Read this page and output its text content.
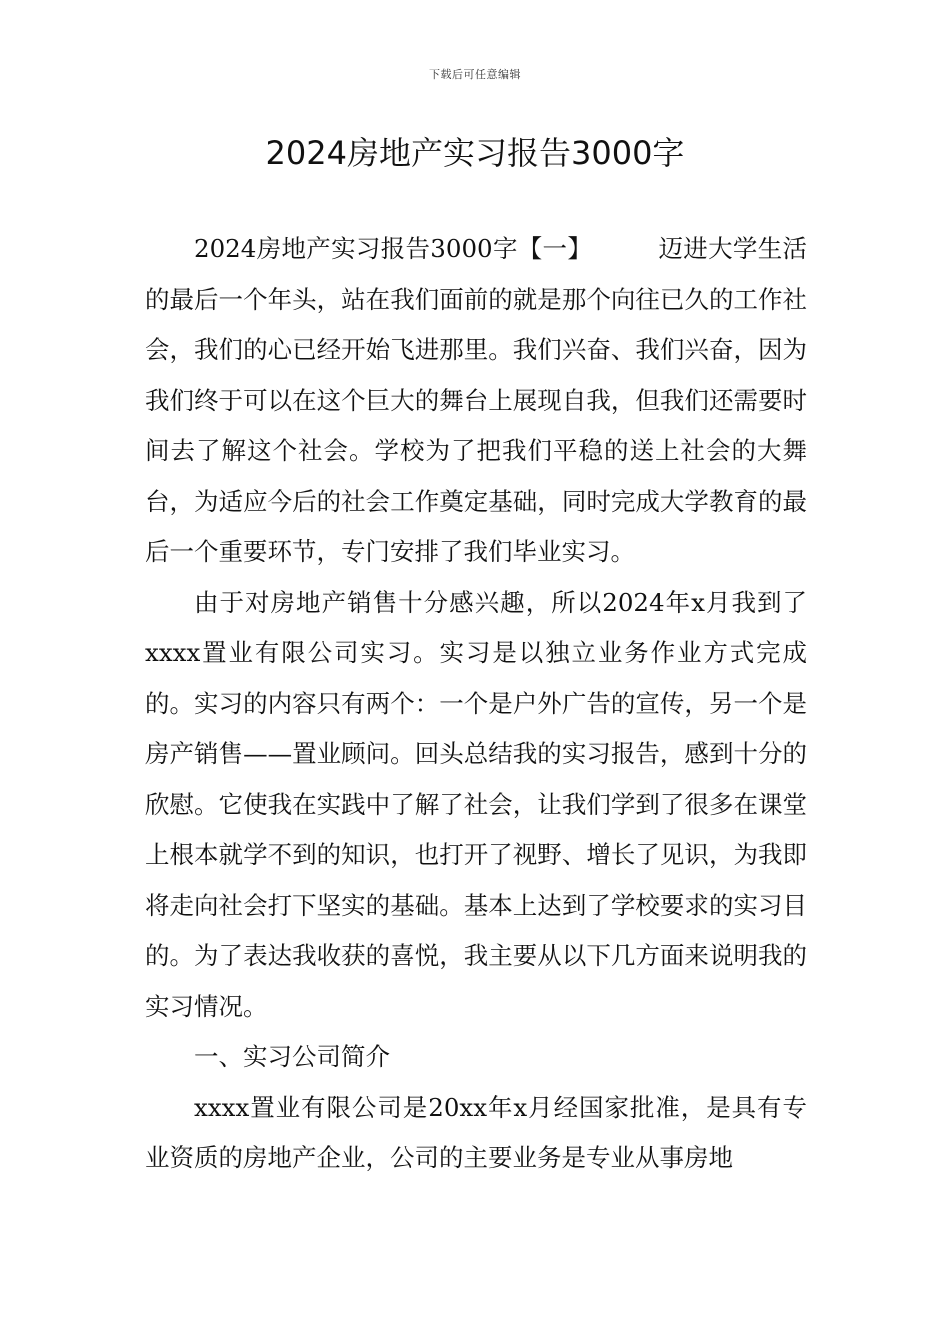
下载后可任意编辑
2024房地产实习报告3000字

2024房地产实习报告3000字【一】	迈进大学生活的最后一个年头，站在我们面前的就是那个向往已久的工作社会，我们的心已经开始飞进那里。我们兴奋、我们兴奋，因为我们终于可以在这个巨大的舞台上展现自我，但我们还需要时间去了解这个社会。学校为了把我们平稳的送上社会的大舞台，为适应今后的社会工作奠定基础，同时完成大学教育的最后一个重要环节，专门安排了我们毕业实习。

由于对房地产销售十分感兴趣，所以2024年x月我到了xxxx置业有限公司实习。实习是以独立业务作业方式完成的。实习的内容只有两个：一个是户外广告的宣传，另一个是房产销售——置业顾问。回头总结我的实习报告，感到十分的欣慰。它使我在实践中了解了社会，让我们学到了很多在课堂上根本就学不到的知识，也打开了视野、增长了见识，为我即将走向社会打下坚实的基础。基本上达到了学校要求的实习目的。为了表达我收获的喜悦，我主要从以下几方面来说明我的实习情况。

一、实习公司简介

xxxx置业有限公司是20xx年x月经国家批准，是具有专业资质的房地产企业，公司的主要业务是专业从事房地
